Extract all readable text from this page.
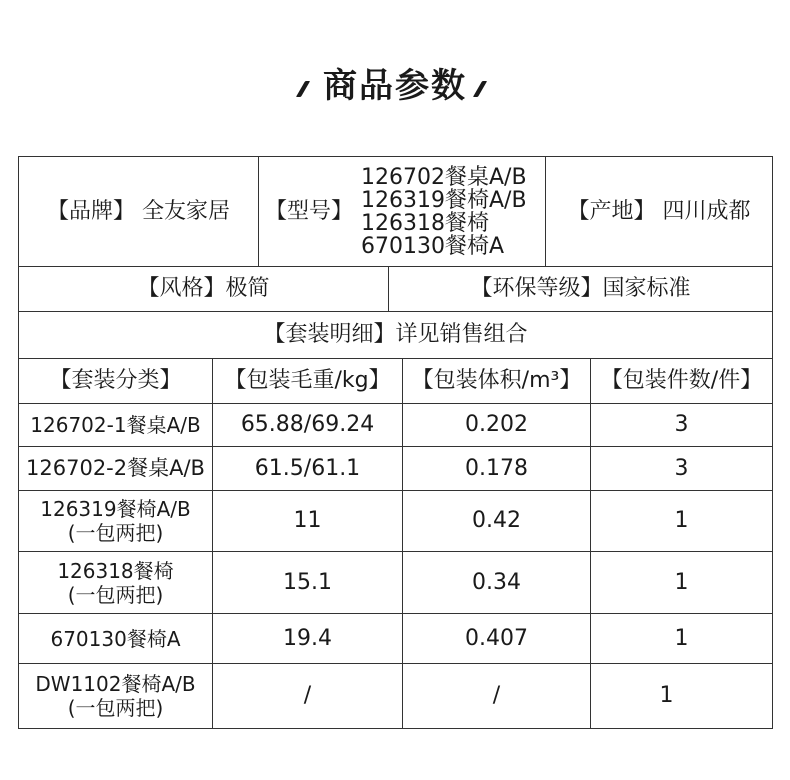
商品参数
【品牌】 全友家居	【型号】
126702餐桌A/B
126319餐椅A/B
126318餐椅
670130餐椅A
【产地】 四川成都
【风格】极简	【环保等级】国家标准
【套装明细】详见销售组合
【套装分类】	【包装毛重/kg】 【包装体积/m³】 【包装件数/件】
126702-1餐桌A/B	65.88/69.24	0.202	3
126702-2餐桌A/B	61.5/61.1	0.178	3
126319餐椅A/B
(一包两把)	11	0.42	1
126318餐椅
(一包两把)	15.1	0.34	1
670130餐椅A	19.4	0.407	1
DW1102餐椅A/B
(一包两把)	/	/	1
